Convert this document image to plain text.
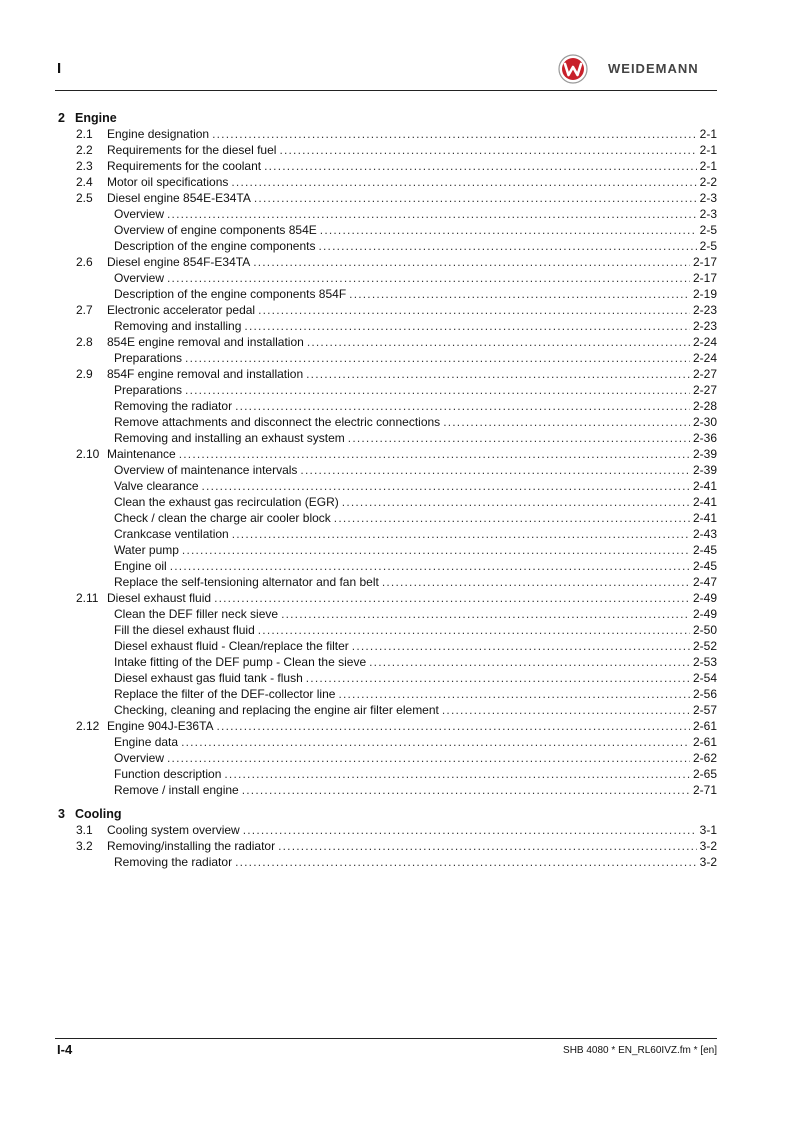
I	WEIDEMANN
2 Engine
2.1 Engine designation .....	2-1
2.2 Requirements for the diesel fuel .....	2-1
2.3 Requirements for the coolant .....	2-1
2.4 Motor oil specifications .....	2-2
2.5 Diesel engine 854E-E34TA .....	2-3
Overview .....	2-3
Overview of engine components 854E .....	2-5
Description of the engine components .....	2-5
2.6 Diesel engine 854F-E34TA .....	2-17
Overview .....	2-17
Description of the engine components 854F .....	2-19
2.7 Electronic accelerator pedal .....	2-23
Removing and installing .....	2-23
2.8 854E engine removal and installation .....	2-24
Preparations .....	2-24
2.9 854F engine removal and installation .....	2-27
Preparations .....	2-27
Removing the radiator .....	2-28
Remove attachments and disconnect the electric connections .....	2-30
Removing and installing an exhaust system .....	2-36
2.10 Maintenance .....	2-39
Overview of maintenance intervals .....	2-39
Valve clearance .....	2-41
Clean the exhaust gas recirculation (EGR) .....	2-41
Check / clean the charge air cooler block .....	2-41
Crankcase ventilation .....	2-43
Water pump .....	2-45
Engine oil .....	2-45
Replace the self-tensioning alternator and fan belt .....	2-47
2.11 Diesel exhaust fluid .....	2-49
Clean the DEF filler neck sieve .....	2-49
Fill the diesel exhaust fluid .....	2-50
Diesel exhaust fluid - Clean/replace the filter .....	2-52
Intake fitting of the DEF pump - Clean the sieve .....	2-53
Diesel exhaust gas fluid tank - flush .....	2-54
Replace the filter of the DEF-collector line .....	2-56
Checking, cleaning and replacing the engine air filter element .....	2-57
2.12 Engine 904J-E36TA .....	2-61
Engine data .....	2-61
Overview .....	2-62
Function description .....	2-65
Remove / install engine .....	2-71
3 Cooling
3.1 Cooling system overview .....	3-1
3.2 Removing/installing the radiator .....	3-2
Removing the radiator .....	3-2
I-4	SHB 4080 * EN_RL60IVZ.fm * [en]
